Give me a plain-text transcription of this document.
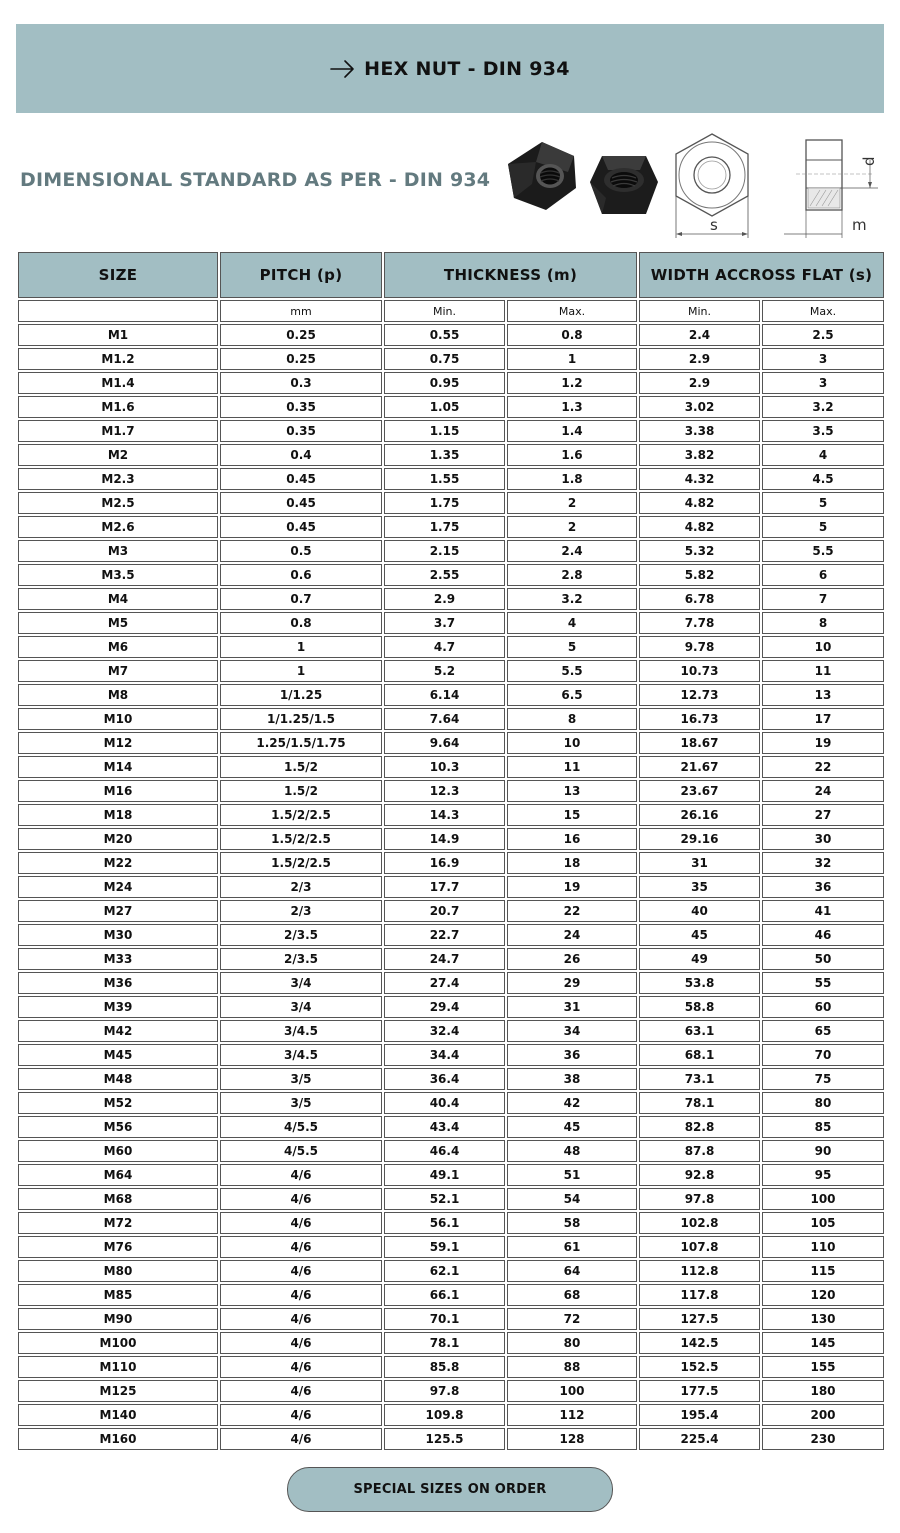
HEX NUT - DIN 934
DIMENSIONAL STANDARD AS PER - DIN 934
s
d
m
SIZE	PITCH (p)	THICKNESS (m)		WIDTH ACCROSS FLAT (s)	
	mm	Min.	Max.	Min.	Max.
M1	0.25	0.55	0.8	2.4	2.5
M1.2	0.25	0.75	1	2.9	3
M1.4	0.3	0.95	1.2	2.9	3
M1.6	0.35	1.05	1.3	3.02	3.2
M1.7	0.35	1.15	1.4	3.38	3.5
M2	0.4	1.35	1.6	3.82	4
M2.3	0.45	1.55	1.8	4.32	4.5
M2.5	0.45	1.75	2	4.82	5
M2.6	0.45	1.75	2	4.82	5
M3	0.5	2.15	2.4	5.32	5.5
M3.5	0.6	2.55	2.8	5.82	6
M4	0.7	2.9	3.2	6.78	7
M5	0.8	3.7	4	7.78	8
M6	1	4.7	5	9.78	10
M7	1	5.2	5.5	10.73	11
M8	1/1.25	6.14	6.5	12.73	13
M10	1/1.25/1.5	7.64	8	16.73	17
M12	1.25/1.5/1.75	9.64	10	18.67	19
M14	1.5/2	10.3	11	21.67	22
M16	1.5/2	12.3	13	23.67	24
M18	1.5/2/2.5	14.3	15	26.16	27
M20	1.5/2/2.5	14.9	16	29.16	30
M22	1.5/2/2.5	16.9	18	31	32
M24	2/3	17.7	19	35	36
M27	2/3	20.7	22	40	41
M30	2/3.5	22.7	24	45	46
M33	2/3.5	24.7	26	49	50
M36	3/4	27.4	29	53.8	55
M39	3/4	29.4	31	58.8	60
M42	3/4.5	32.4	34	63.1	65
M45	3/4.5	34.4	36	68.1	70
M48	3/5	36.4	38	73.1	75
M52	3/5	40.4	42	78.1	80
M56	4/5.5	43.4	45	82.8	85
M60	4/5.5	46.4	48	87.8	90
M64	4/6	49.1	51	92.8	95
M68	4/6	52.1	54	97.8	100
M72	4/6	56.1	58	102.8	105
M76	4/6	59.1	61	107.8	110
M80	4/6	62.1	64	112.8	115
M85	4/6	66.1	68	117.8	120
M90	4/6	70.1	72	127.5	130
M100	4/6	78.1	80	142.5	145
M110	4/6	85.8	88	152.5	155
M125	4/6	97.8	100	177.5	180
M140	4/6	109.8	112	195.4	200
M160	4/6	125.5	128	225.4	230
SPECIAL SIZES ON ORDER
